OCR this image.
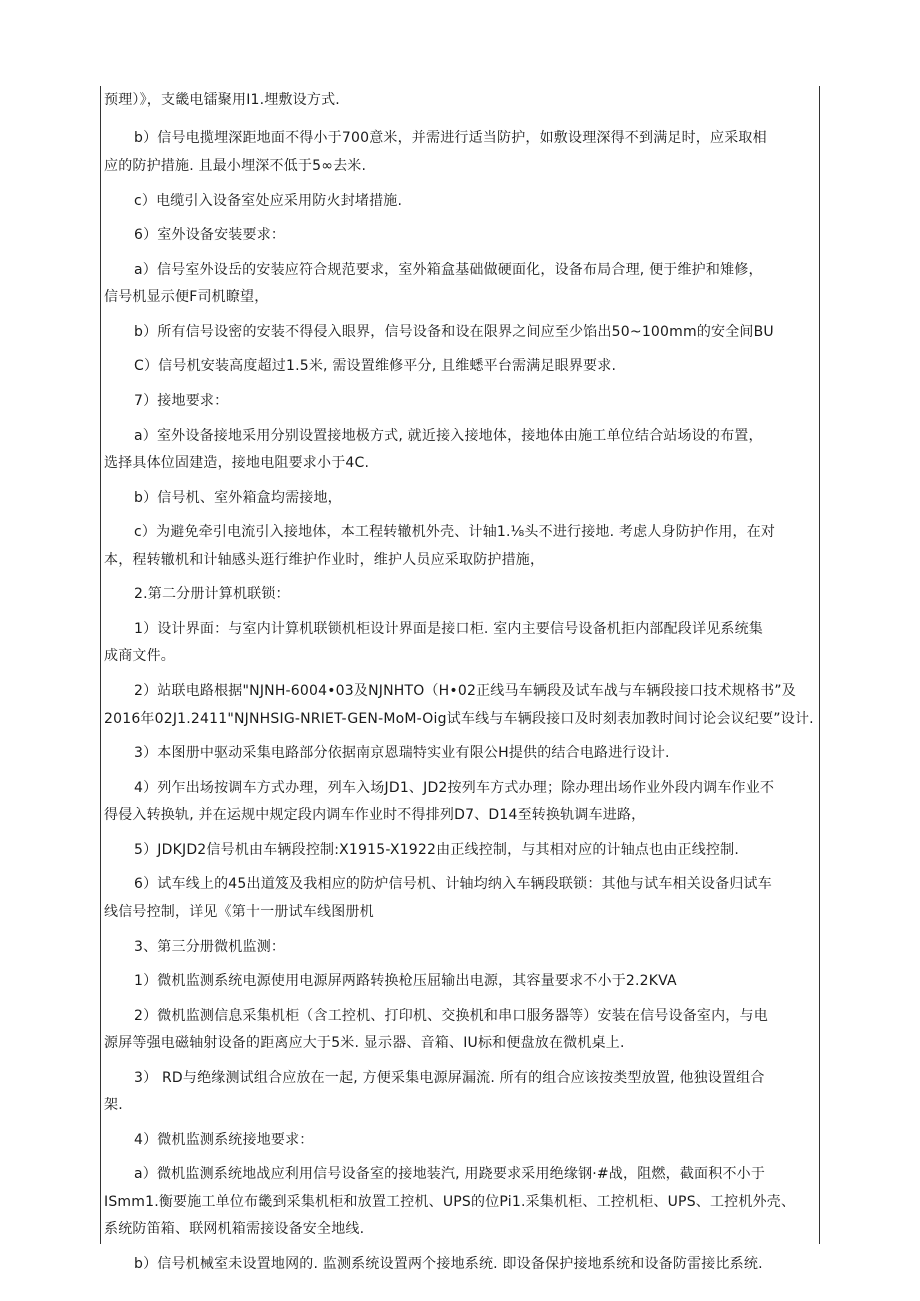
预理）》，支畿电镭聚用I1.埋敷设方式.
b）信号电揽埋深距地面不得小于700意米，并需进行适当防护，如敷设理深得不到满足时，应采取相
应的防护措施. 且最小埋深不低于5∞去米.
c）电缆引入设备室处应采用防火封堵措施.
6）室外设备安装要求：
a）信号室外设岳的安装应符合规范要求，室外箱盒基础做硬面化，设备布局合理, 便于维护和雉修，
信号机显示便F司机瞭望，
b）所有信号设密的安装不得侵入眼界，信号设备和设在限界之间应至少馅出50~100mm的安全间BU
C）信号机安装高度超过1.5米, 需设置维修平分, 且维蟋平台需满足眼界要求.
7）接地要求：
a）室外设备接地采用分别设置接地极方式, 就近接入接地体，接地体由施工单位结合站场设的布置，
选择具体位固建造，接地电阻要求小于4C.
b）信号机、室外箱盒均需接地，
c）为避免牵引电流引入接地体，本工程转辙机外壳、计轴1.⅛头不进行接地. 考虑人身防护作用，在对
本，程转辙机和计轴感头逛行维护作业时，维护人员应采取防护措施，
2.第二分册计算机联锁：
1）设计界面：与室内计算机联锁机柜设计界面是接口柜. 室内主要信号设备机拒内部配段详见系统集
成商文件。
2）站联电路根据"NJNH-6004•03及NJNHTO（H•02正线马车辆段及试车战与车辆段接口技术规格书”及
2016年02J1.2411"NJNHSIG-NRIET-GEN-MoM-Oig试车线与车辆段接口及时刻表加教时间讨论会议纪要”设计.
3）本图册中驱动采集电路部分依据南京恩瑞特实业有限公H提供的结合电路进行设计.
4）列乍出场按调车方式办理，列车入场JD1、JD2按列车方式办理；除办理出场作业外段内调车作业不
得侵入转换轨, 并在运规中规定段内调车作业时不得排列D7、D14至转换轨调车进路，
5）JDKJD2信号机由车辆段控制:X1915-X1922由正线控制，与其相对应的计轴点也由正线控制.
6）试车线上的45出道笈及我相应的防炉信号机、计轴均纳入车辆段联锁：其他与试车相关设备归试车
线信号控制，详见《第十一册试车线图册机
3、第三分册微机监测：
1）微机监测系统电源使用电源屏两路转换枪压屈输出电源，其容量要求不小于2.2KVA
2）微机监测信息采集机柜（含工控机、打印机、交换机和串口服务器等）安装在信号设备室内，与电
源屏等强电磁轴射设备的距离应大于5米. 显示器、音箱、IU标和便盘放在微机桌上.
3） RD与绝缘测试组合应放在一起, 方便采集电源屏漏流. 所有的组合应该按类型放置, 他独设置组合
架.
4）微机监测系统接地要求：
a）微机监测系统地战应利用信号设备室的接地装汽, 用跷要求采用绝缘钢·#战，阻燃，截面积不小于
ISmm1.衡要施工单位布畿到采集机柜和放置工控机、UPS的位Pi1.采集机柜、工控机柜、UPS、工控机外壳、
系统防笛箱、联网机箱需接设备安全地线.
b）信号机械室未设置地网的. 监测系统设置两个接地系统. 即设备保护接地系统和设备防雷接比系统.
